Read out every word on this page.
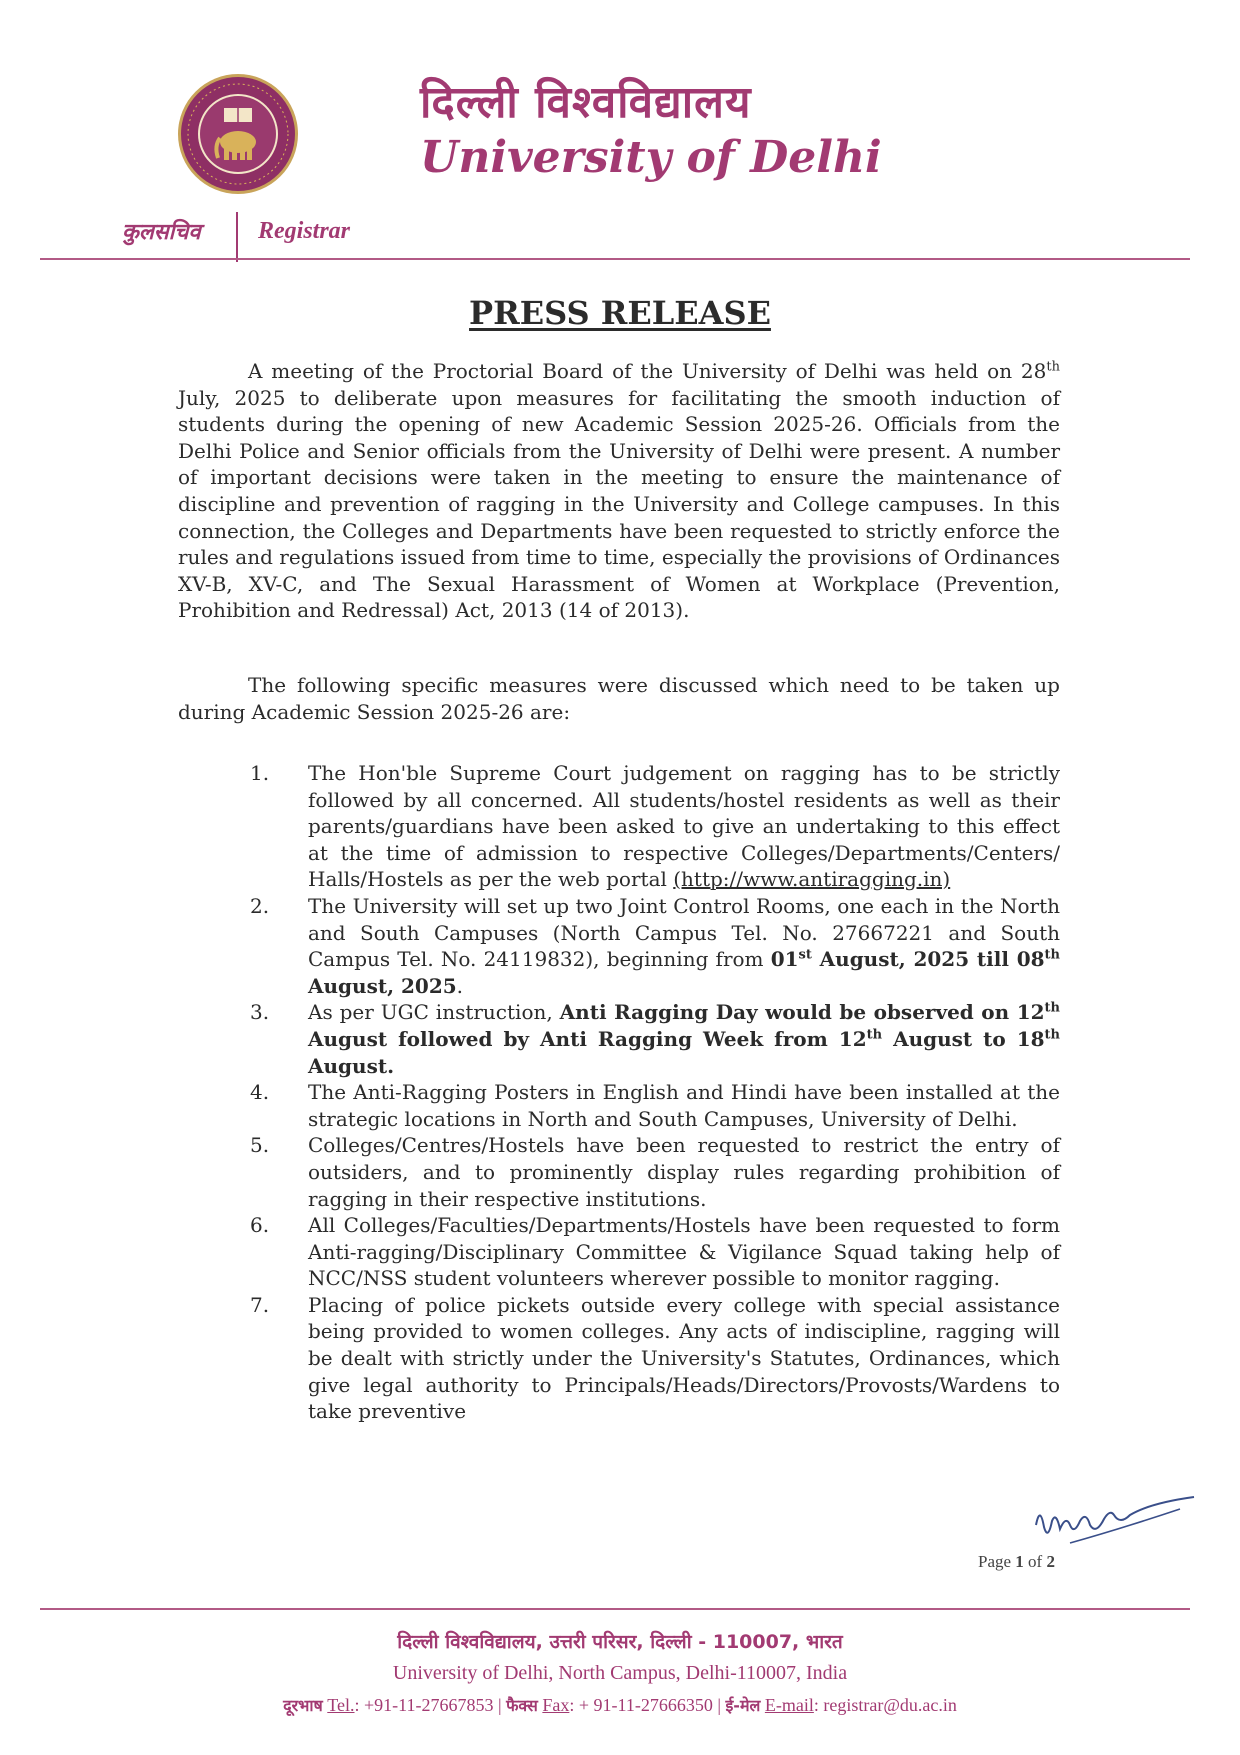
दिल्ली विश्वविद्यालय
University of Delhi
कुलसचिव Registrar
PRESS RELEASE

A meeting of the Proctorial Board of the University of Delhi was held on 28th July, 2025 to deliberate upon measures for facilitating the smooth induction of students during the opening of new Academic Session 2025-26. Officials from the Delhi Police and Senior officials from the University of Delhi were present. A number of important decisions were taken in the meeting to ensure the maintenance of discipline and prevention of ragging in the University and College campuses. In this connection, the Colleges and Departments have been requested to strictly enforce the rules and regulations issued from time to time, especially the provisions of Ordinances XV-B, XV-C, and The Sexual Harassment of Women at Workplace (Prevention, Prohibition and Redressal) Act, 2013 (14 of 2013).

The following specific measures were discussed which need to be taken up during Academic Session 2025-26 are:

1. The Hon'ble Supreme Court judgement on ragging has to be strictly followed by all concerned. All students/hostel residents as well as their parents/guardians have been asked to give an undertaking to this effect at the time of admission to respective Colleges/Departments/Centers/ Halls/Hostels as per the web portal (http://www.antiragging.in)
2. The University will set up two Joint Control Rooms, one each in the North and South Campuses (North Campus Tel. No. 27667221 and South Campus Tel. No. 24119832), beginning from 01st August, 2025 till 08th August, 2025.
3. As per UGC instruction, Anti Ragging Day would be observed on 12th August followed by Anti Ragging Week from 12th August to 18th August.
4. The Anti-Ragging Posters in English and Hindi have been installed at the strategic locations in North and South Campuses, University of Delhi.
5. Colleges/Centres/Hostels have been requested to restrict the entry of outsiders, and to prominently display rules regarding prohibition of ragging in their respective institutions.
6. All Colleges/Faculties/Departments/Hostels have been requested to form Anti-ragging/Disciplinary Committee & Vigilance Squad taking help of NCC/NSS student volunteers wherever possible to monitor ragging.
7. Placing of police pickets outside every college with special assistance being provided to women colleges. Any acts of indiscipline, ragging will be dealt with strictly under the University's Statutes, Ordinances, which give legal authority to Principals/Heads/Directors/Provosts/Wardens to take preventive
Page 1 of 2
दिल्ली विश्वविद्यालय, उत्तरी परिसर, दिल्ली - 110007, भारत
University of Delhi, North Campus, Delhi-110007, India
दूरभाष Tel.: +91-11-27667853 | फैक्स Fax: + 91-11-27666350 | ई-मेल E-mail: registrar@du.ac.in
